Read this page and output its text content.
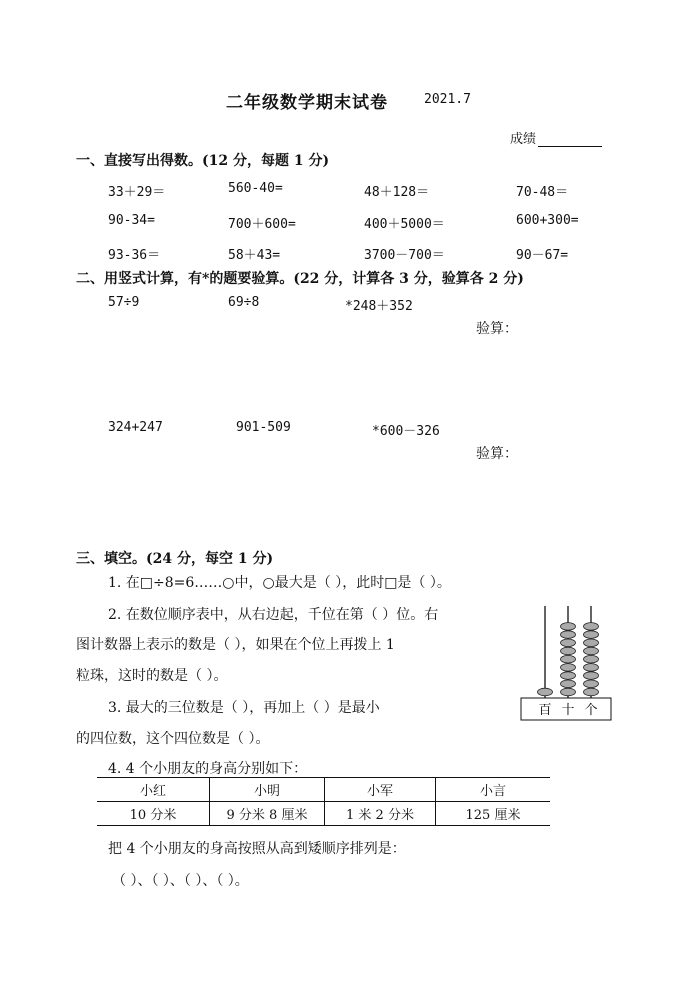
二年级数学期末试卷	2021.7
成绩
一、直接写出得数。(12 分，每题 1 分)
33＋29＝	560-40=	48＋128＝	70-48＝
90-34=	700＋600=	400＋5000＝	600+300=
93-36＝	58＋43=	3700－700＝	90－67=
二、用竖式计算，有*的题要验算。(22 分，计算各 3 分，验算各 2 分)
57÷9	69÷8	*248＋352
验算：
324+247	901-509	*600－326
验算：
三、填空。(24 分，每空 1 分)
1. 在□÷8=6……○中，○最大是（ ），此时□是（ ）。
2. 在数位顺序表中，从右边起，千位在第（ ）位。右
图计数器上表示的数是（ ），如果在个位上再拨上 1
粒珠，这时的数是（ ）。
3. 最大的三位数是（ ），再加上（ ）是最小
的四位数，这个四位数是（ ）。
4. 4 个小朋友的身高分别如下：
小红	小明	小军	小言
10 分米	9 分米 8 厘米	1 米 2 分米	125 厘米
把 4 个小朋友的身高按照从高到矮顺序排列是：
（ ）、（ ）、（ ）、（ ）。
百 十 个
